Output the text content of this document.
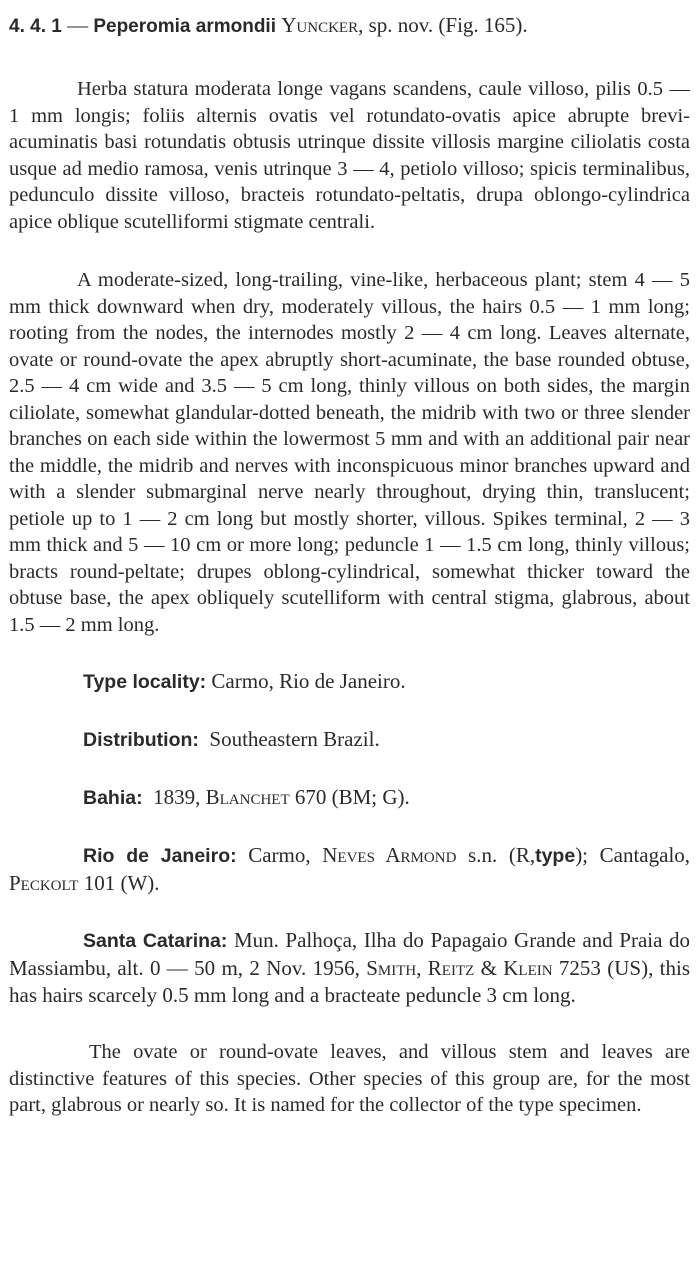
4. 4. 1 — Peperomia armondii Yuncker, sp. nov. (Fig. 165).

Herba statura moderata longe vagans scandens, caule villoso, pilis 0.5 — 1 mm longis; foliis alternis ovatis vel rotundato-ovatis apice abrupte brevi-acuminatis basi rotundatis obtusis utrinque dissite villosis margine ciliolatis costa usque ad medio ramosa, venis utrinque 3 — 4, petiolo villoso; spicis terminalibus, pedunculo dissite villoso, bracteis rotundato-peltatis, drupa oblongo-cylindrica apice oblique scutelliformi stigmate centrali.

A moderate-sized, long-trailing, vine-like, herbaceous plant; stem 4 — 5 mm thick downward when dry, moderately villous, the hairs 0.5 — 1 mm long; rooting from the nodes, the internodes mostly 2 — 4 cm long. Leaves alternate, ovate or round-ovate the apex abruptly short-acuminate, the base rounded obtuse, 2.5 — 4 cm wide and 3.5 — 5 cm long, thinly villous on both sides, the margin ciliolate, somewhat glandular-dotted beneath, the midrib with two or three slender branches on each side within the lowermost 5 mm and with an additional pair near the middle, the midrib and nerves with inconspicuous minor branches upward and with a slender submarginal nerve nearly throughout, drying thin, translucent; petiole up to 1 — 2 cm long but mostly shorter, villous. Spikes terminal, 2 — 3 mm thick and 5 — 10 cm or more long; peduncle 1 — 1.5 cm long, thinly villous; bracts round-peltate; drupes oblong-cylindrical, somewhat thicker toward the obtuse base, the apex obliquely scutelliform with central stigma, glabrous, about 1.5 — 2 mm long.

Type locality: Carmo, Rio de Janeiro.

Distribution: Southeastern Brazil.

Bahia: 1839, Blanchet 670 (BM; G).

Rio de Janeiro: Carmo, Neves Armond s.n. (R,type); Cantagalo, Peckolt 101 (W).

Santa Catarina: Mun. Palhoça, Ilha do Papagaio Grande and Praia do Massiambu, alt. 0 — 50 m, 2 Nov. 1956, Smith, Reitz & Klein 7253 (US), this has hairs scarcely 0.5 mm long and a bracteate peduncle 3 cm long.

The ovate or round-ovate leaves, and villous stem and leaves are distinctive features of this species. Other species of this group are, for the most part, glabrous or nearly so. It is named for the collector of the type specimen.
